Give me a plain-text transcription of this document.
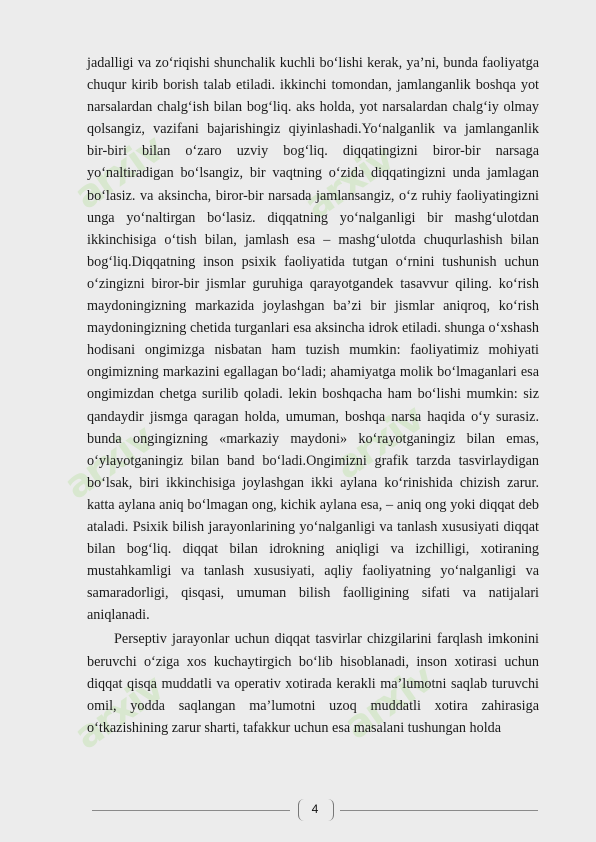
arxiv	arxiv
arxiv	arxiv
arxiv	arxiv

jadalligi va zo‘riqishi shunchalik kuchli bo‘lishi kerak, ya’ni, bunda faoliyatga chuqur kirib borish talab etiladi. ikkinchi tomondan, jamlanganlik boshqa yot narsalardan chalg‘ish bilan bog‘liq. aks holda, yot narsalardan chalg‘iy olmay qolsangiz, vazifani bajarishingiz qiyinlashadi.Yo‘nalganlik va jamlanganlik bir-biri bilan o‘zaro uzviy bog‘liq. diqqatingizni biror-bir narsaga yo‘naltiradigan bo‘lsangiz, bir vaqtning o‘zida diqqatingizni unda jamlagan bo‘lasiz. va aksincha, biror-bir narsada jamlansangiz, o‘z ruhiy faoliyatingizni unga yo‘naltirgan bo‘lasiz. diqqatning yo‘nalganligi bir mashg‘ulotdan ikkinchisiga o‘tish bilan, jamlash esa – mashg‘ulotda chuqurlashish bilan bog‘liq.Diqqatning inson psixik faoliyatida tutgan o‘rnini tushunish uchun o‘zingizni biror-bir jismlar guruhiga qarayotgandek tasavvur qiling. ko‘rish maydoningizning markazida joylashgan ba’zi bir jismlar aniqroq, ko‘rish maydoningizning chetida turganlari esa aksincha idrok etiladi. shunga o‘xshash hodisani ongimizga nisbatan ham tuzish mumkin: faoliyatimiz mohiyati ongimizning markazini egallagan bo‘ladi; ahamiyatga molik bo‘lmaganlari esa ongimizdan chetga surilib qoladi. lekin boshqacha ham bo‘lishi mumkin: siz qandaydir jismga qaragan holda, umuman, boshqa narsa haqida o‘y surasiz. bunda ongingizning «markaziy maydoni» ko‘rayotganingiz bilan emas, o‘ylayotganingiz bilan band bo‘ladi.Ongimizni grafik tarzda tasvirlaydigan bo‘lsak, biri ikkinchisiga joylashgan ikki aylana ko‘rinishida chizish zarur. katta aylana aniq bo‘lmagan ong, kichik aylana esa, – aniq ong yoki diqqat deb ataladi. Psixik bilish jarayonlarining yo‘nalganligi va tanlash xususiyati diqqat bilan bog‘liq. diqqat bilan idrokning aniqligi va izchilligi, xotiraning mustahkamligi va tanlash xususiyati, aqliy faoliyatning yo‘nalganligi va samaradorligi, qisqasi, umuman bilish faolligining sifati va natijalari aniqlanadi.

Perseptiv jarayonlar uchun diqqat tasvirlar chizgilarini farqlash imkonini beruvchi o‘ziga xos kuchaytirgich bo‘lib hisoblanadi, inson xotirasi uchun diqqat qisqa muddatli va operativ xotirada kerakli ma’lumotni saqlab turuvchi omil, yodda saqlangan ma’lumotni uzoq muddatli xotira zahirasiga o‘tkazishining zarur sharti, tafakkur uchun esa masalani tushungan holda

4
